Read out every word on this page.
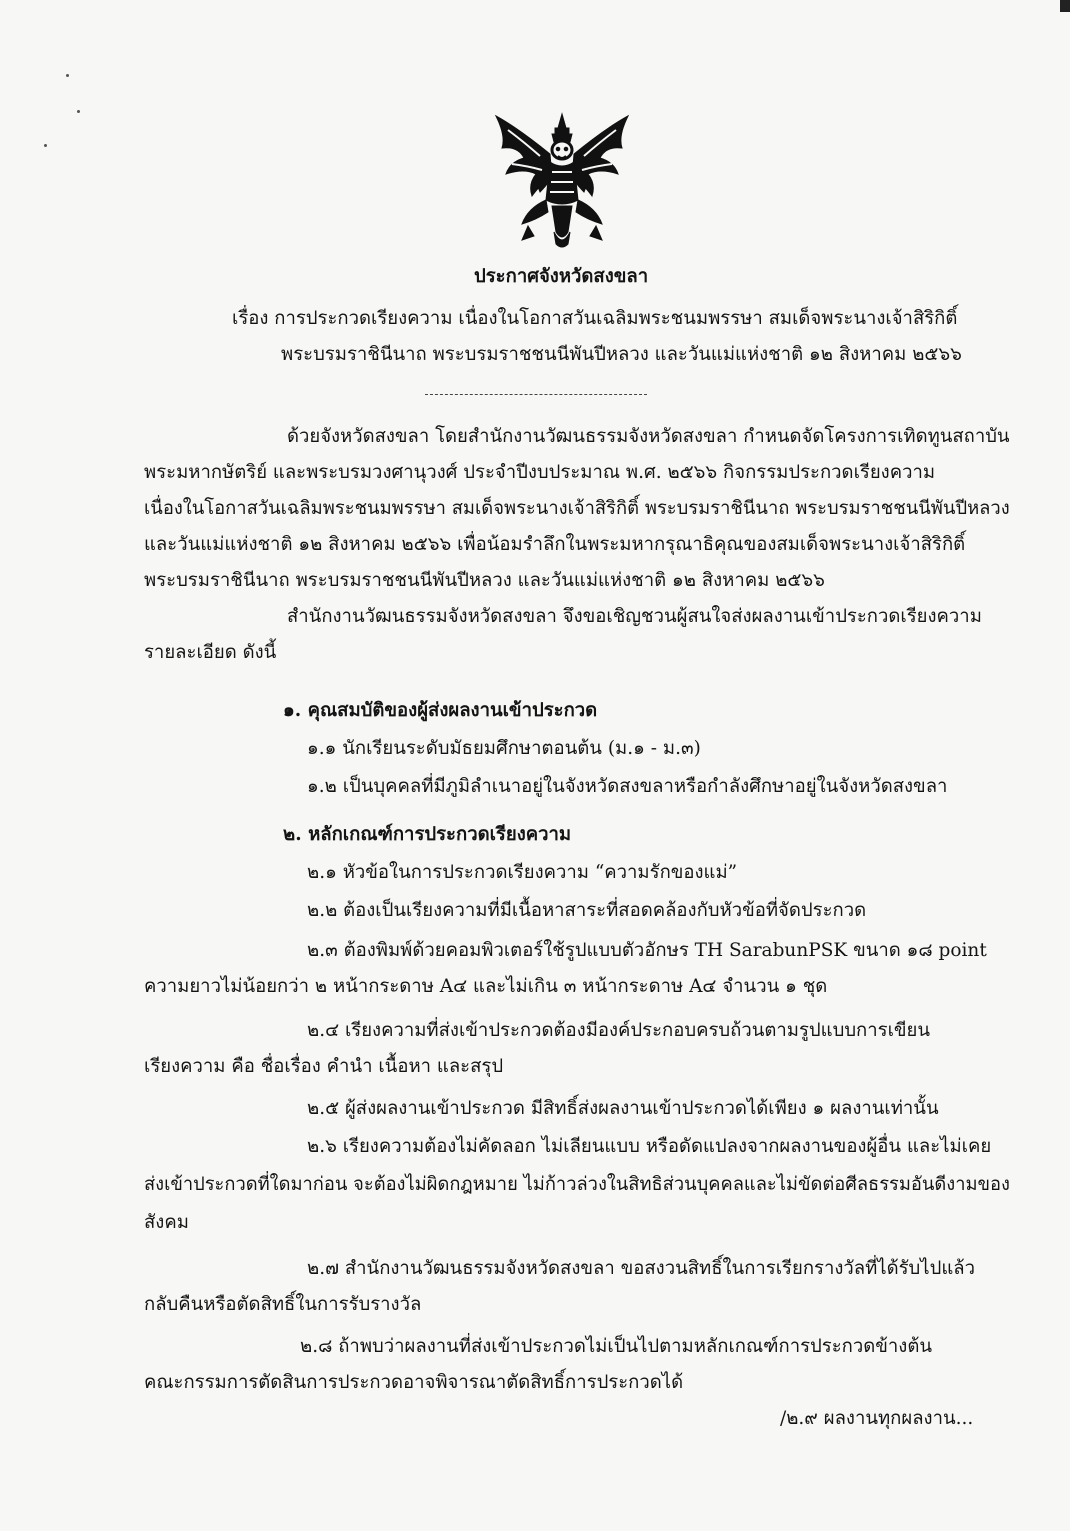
ประกาศจังหวัดสงขลา
เรื่อง การประกวดเรียงความ เนื่องในโอกาสวันเฉลิมพระชนมพรรษา สมเด็จพระนางเจ้าสิริกิติ์
พระบรมราชินีนาถ พระบรมราชชนนีพันปีหลวง และวันแม่แห่งชาติ ๑๒ สิงหาคม ๒๕๖๖
ด้วยจังหวัดสงขลา โดยสำนักงานวัฒนธรรมจังหวัดสงขลา กำหนดจัดโครงการเทิดทูนสถาบัน
พระมหากษัตริย์ และพระบรมวงศานุวงศ์ ประจำปีงบประมาณ พ.ศ. ๒๕๖๖ กิจกรรมประกวดเรียงความ
เนื่องในโอกาสวันเฉลิมพระชนมพรรษา สมเด็จพระนางเจ้าสิริกิติ์ พระบรมราชินีนาถ พระบรมราชชนนีพันปีหลวง
และวันแม่แห่งชาติ ๑๒ สิงหาคม ๒๕๖๖ เพื่อน้อมรำลึกในพระมหากรุณาธิคุณของสมเด็จพระนางเจ้าสิริกิติ์
พระบรมราชินีนาถ พระบรมราชชนนีพันปีหลวง และวันแม่แห่งชาติ ๑๒ สิงหาคม ๒๕๖๖
สำนักงานวัฒนธรรมจังหวัดสงขลา จึงขอเชิญชวนผู้สนใจส่งผลงานเข้าประกวดเรียงความ
รายละเอียด ดังนี้
๑. คุณสมบัติของผู้ส่งผลงานเข้าประกวด
๑.๑ นักเรียนระดับมัธยมศึกษาตอนต้น (ม.๑ - ม.๓)
๑.๒ เป็นบุคคลที่มีภูมิลำเนาอยู่ในจังหวัดสงขลาหรือกำลังศึกษาอยู่ในจังหวัดสงขลา
๒. หลักเกณฑ์การประกวดเรียงความ
๒.๑ หัวข้อในการประกวดเรียงความ “ความรักของแม่”
๒.๒ ต้องเป็นเรียงความที่มีเนื้อหาสาระที่สอดคล้องกับหัวข้อที่จัดประกวด
๒.๓ ต้องพิมพ์ด้วยคอมพิวเตอร์ใช้รูปแบบตัวอักษร TH SarabunPSK ขนาด ๑๘ point
ความยาวไม่น้อยกว่า ๒ หน้ากระดาษ A๔ และไม่เกิน ๓ หน้ากระดาษ A๔ จำนวน ๑ ชุด
๒.๔ เรียงความที่ส่งเข้าประกวดต้องมีองค์ประกอบครบถ้วนตามรูปแบบการเขียน
เรียงความ คือ ชื่อเรื่อง คำนำ เนื้อหา และสรุป
๒.๕ ผู้ส่งผลงานเข้าประกวด มีสิทธิ์ส่งผลงานเข้าประกวดได้เพียง ๑ ผลงานเท่านั้น
๒.๖ เรียงความต้องไม่คัดลอก ไม่เลียนแบบ หรือดัดแปลงจากผลงานของผู้อื่น และไม่เคย
ส่งเข้าประกวดที่ใดมาก่อน จะต้องไม่ผิดกฎหมาย ไม่ก้าวล่วงในสิทธิส่วนบุคคลและไม่ขัดต่อศีลธรรมอันดีงามของ
สังคม
๒.๗ สำนักงานวัฒนธรรมจังหวัดสงขลา ขอสงวนสิทธิ์ในการเรียกรางวัลที่ได้รับไปแล้ว
กลับคืนหรือตัดสิทธิ์ในการรับรางวัล
๒.๘ ถ้าพบว่าผลงานที่ส่งเข้าประกวดไม่เป็นไปตามหลักเกณฑ์การประกวดข้างต้น
คณะกรรมการตัดสินการประกวดอาจพิจารณาตัดสิทธิ์การประกวดได้
/๒.๙ ผลงานทุกผลงาน...
